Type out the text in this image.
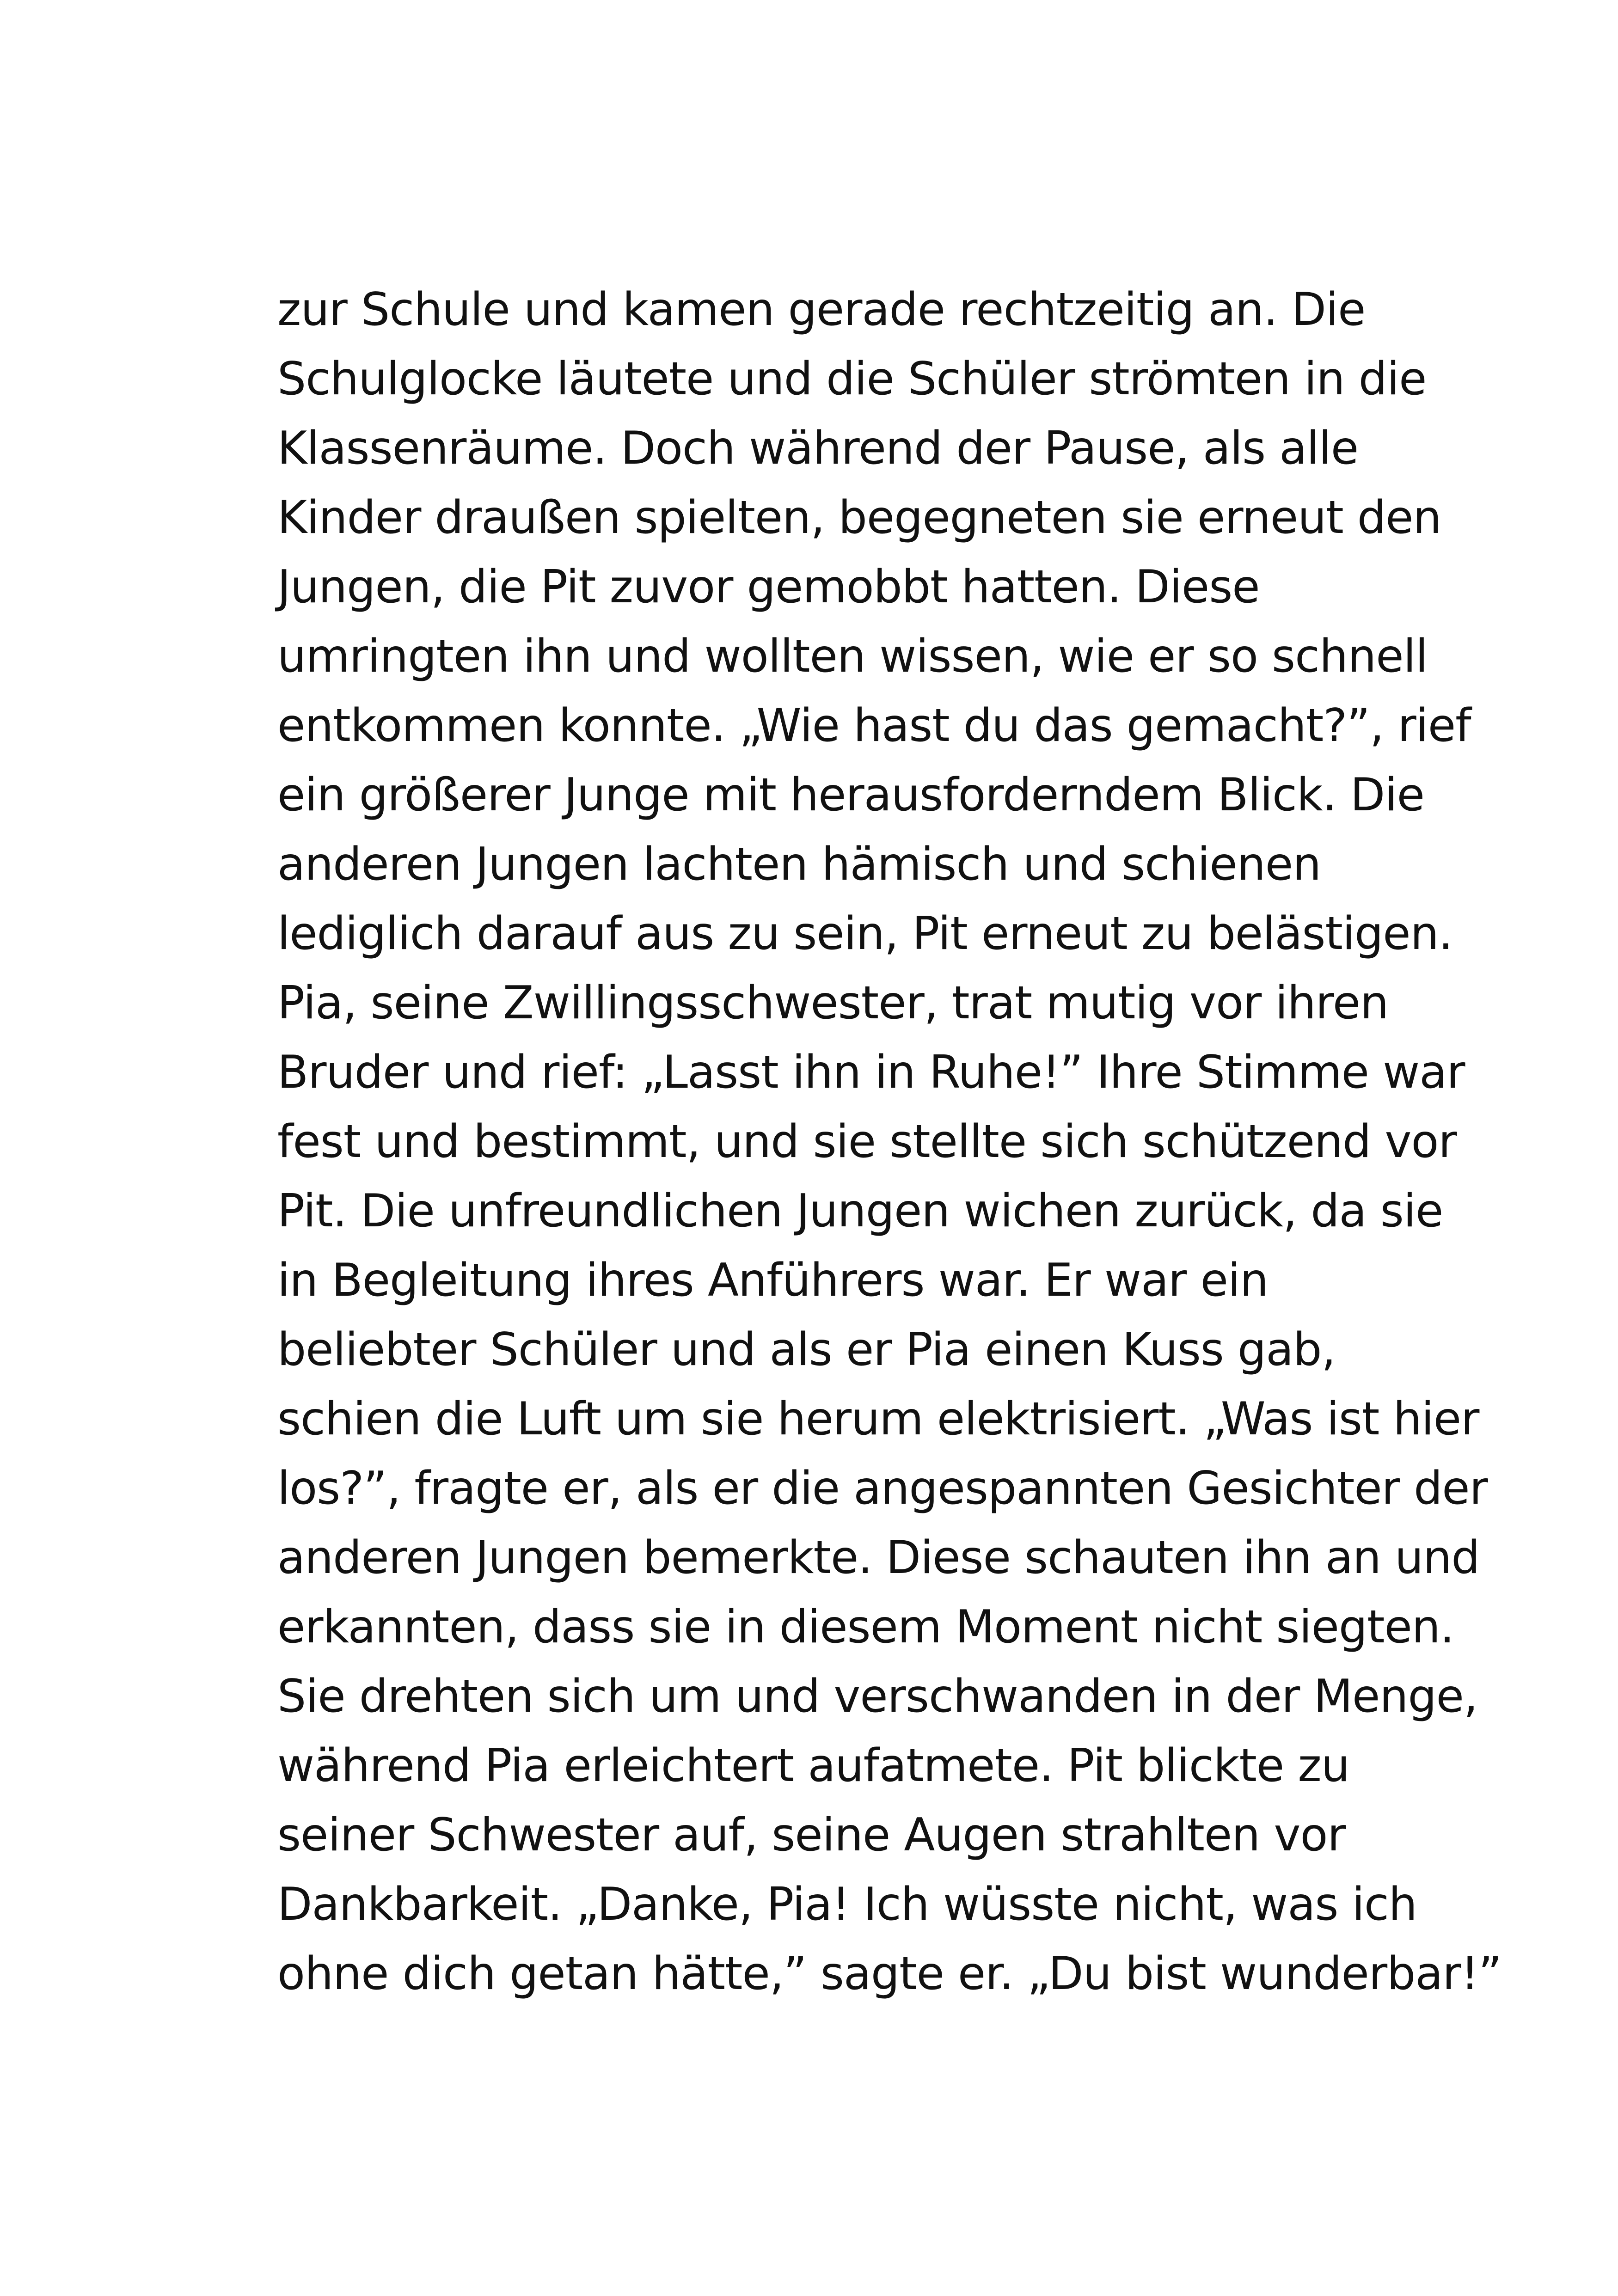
zur Schule und kamen gerade rechtzeitig an. Die
Schulglocke läutete und die Schüler strömten in die
Klassenräume. Doch während der Pause, als alle
Kinder draußen spielten, begegneten sie erneut den
Jungen, die Pit zuvor gemobbt hatten. Diese
umringten ihn und wollten wissen, wie er so schnell
entkommen konnte. „Wie hast du das gemacht?”, rief
ein größerer Junge mit herausforderndem Blick. Die
anderen Jungen lachten hämisch und schienen
lediglich darauf aus zu sein, Pit erneut zu belästigen.
Pia, seine Zwillingsschwester, trat mutig vor ihren
Bruder und rief: „Lasst ihn in Ruhe!” Ihre Stimme war
fest und bestimmt, und sie stellte sich schützend vor
Pit. Die unfreundlichen Jungen wichen zurück, da sie
in Begleitung ihres Anführers war. Er war ein
beliebter Schüler und als er Pia einen Kuss gab,
schien die Luft um sie herum elektrisiert. „Was ist hier
los?”, fragte er, als er die angespannten Gesichter der
anderen Jungen bemerkte. Diese schauten ihn an und
erkannten, dass sie in diesem Moment nicht siegten.
Sie drehten sich um und verschwanden in der Menge,
während Pia erleichtert aufatmete. Pit blickte zu
seiner Schwester auf, seine Augen strahlten vor
Dankbarkeit. „Danke, Pia! Ich wüsste nicht, was ich
ohne dich getan hätte,” sagte er. „Du bist wunderbar!”
